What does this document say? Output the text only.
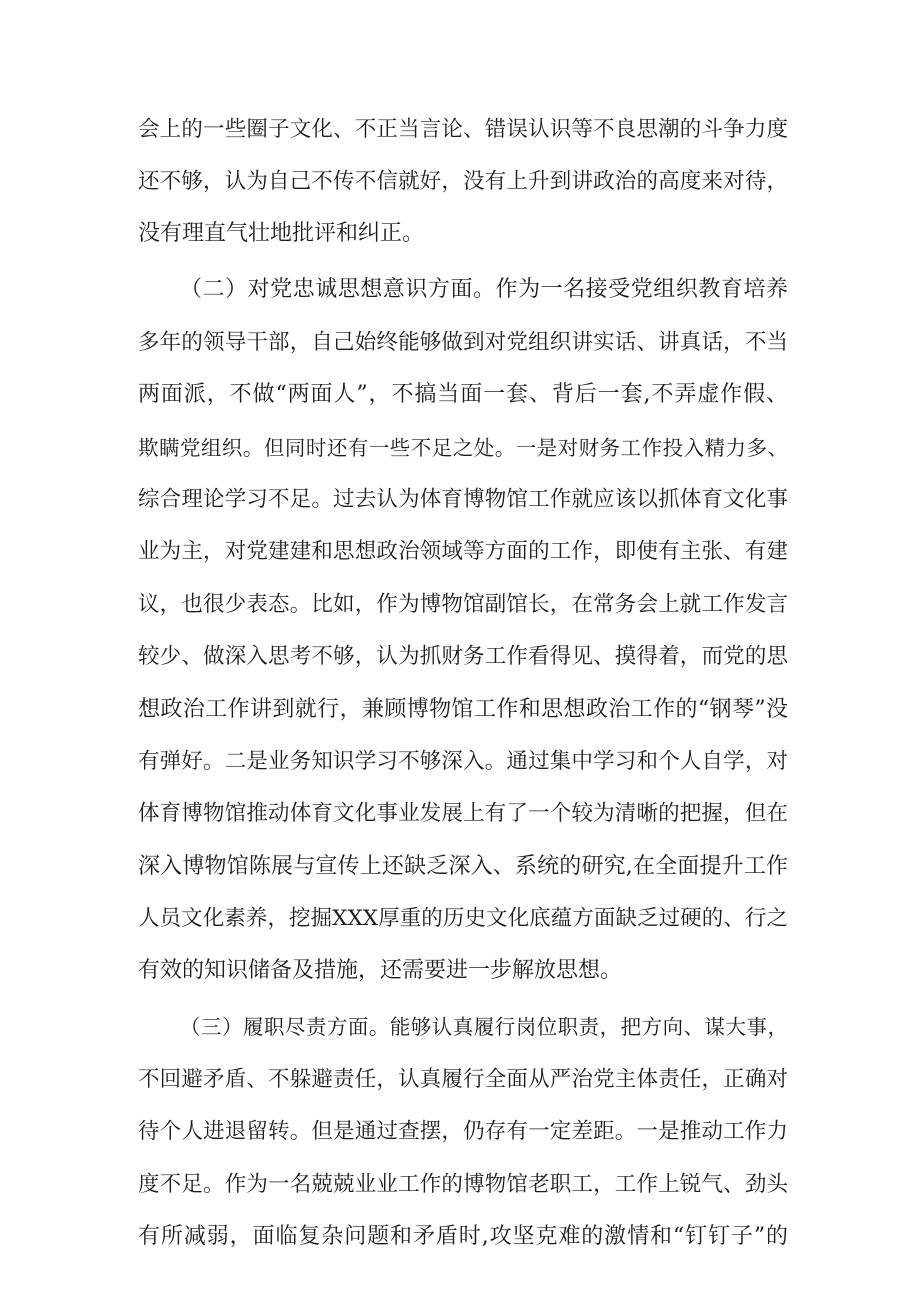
会上的一些圈子文化、不正当言论、错误认识等不良思潮的斗争力度
还不够，认为自己不传不信就好，没有上升到讲政治的高度来对待，
没有理直气壮地批评和纠正。
（二）对党忠诚思想意识方面。作为一名接受党组织教育培养
多年的领导干部，自己始终能够做到对党组织讲实话、讲真话，不当
两面派，不做“两面人”，不搞当面一套、背后一套,不弄虚作假、
欺瞒党组织。但同时还有一些不足之处。一是对财务工作投入精力多、
综合理论学习不足。过去认为体育博物馆工作就应该以抓体育文化事
业为主，对党建建和思想政治领域等方面的工作，即使有主张、有建
议，也很少表态。比如，作为博物馆副馆长，在常务会上就工作发言
较少、做深入思考不够，认为抓财务工作看得见、摸得着，而党的思
想政治工作讲到就行，兼顾博物馆工作和思想政治工作的“钢琴”没
有弹好。二是业务知识学习不够深入。通过集中学习和个人自学，对
体育博物馆推动体育文化事业发展上有了一个较为清晰的把握，但在
深入博物馆陈展与宣传上还缺乏深入、系统的研究,在全面提升工作
人员文化素养，挖掘XXX厚重的历史文化底蕴方面缺乏过硬的、行之
有效的知识储备及措施，还需要进一步解放思想。
（三）履职尽责方面。能够认真履行岗位职责，把方向、谋大事，
不回避矛盾、不躲避责任，认真履行全面从严治党主体责任，正确对
待个人进退留转。但是通过查摆，仍存有一定差距。一是推动工作力
度不足。作为一名兢兢业业工作的博物馆老职工，工作上锐气、劲头
有所减弱，面临复杂问题和矛盾时,攻坚克难的激情和“钉钉子”的
